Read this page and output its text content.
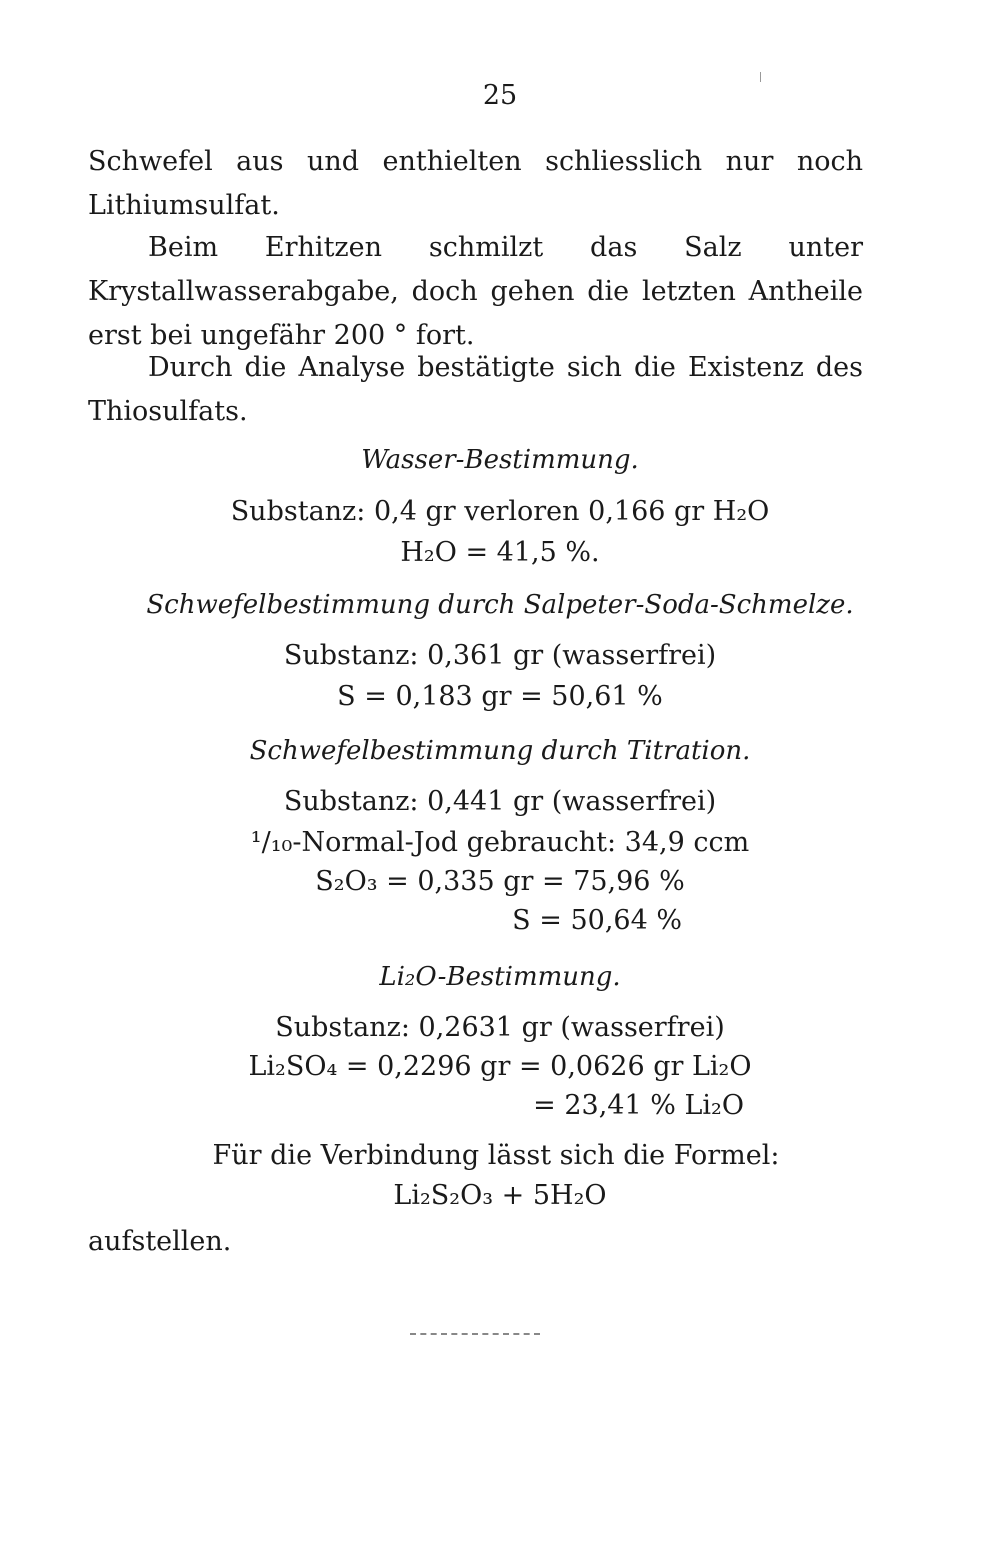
25

Schwefel aus und enthielten schliesslich nur noch Lithiumsulfat.

Beim Erhitzen schmilzt das Salz unter Krystallwasserabgabe, doch gehen die letzten Antheile erst bei ungefähr 200 ° fort.

Durch die Analyse bestätigte sich die Existenz des Thiosulfats.

Wasser-Bestimmung.
Substanz: 0,4 gr verloren 0,166 gr H₂O
H₂O = 41,5 %.
Schwefelbestimmung durch Salpeter-Soda-Schmelze.
Substanz: 0,361 gr (wasserfrei)
S = 0,183 gr = 50,61 %
Schwefelbestimmung durch Titration.
Substanz: 0,441 gr (wasserfrei)
¹/₁₀-Normal-Jod gebraucht: 34,9 ccm
S₂O₃ = 0,335 gr = 75,96 %
S = 50,64 %
Li₂O-Bestimmung.
Substanz: 0,2631 gr (wasserfrei)
Li₂SO₄ = 0,2296 gr = 0,0626 gr Li₂O
= 23,41 % Li₂O
Für die Verbindung lässt sich die Formel:
Li₂S₂O₃ + 5H₂O
aufstellen.
